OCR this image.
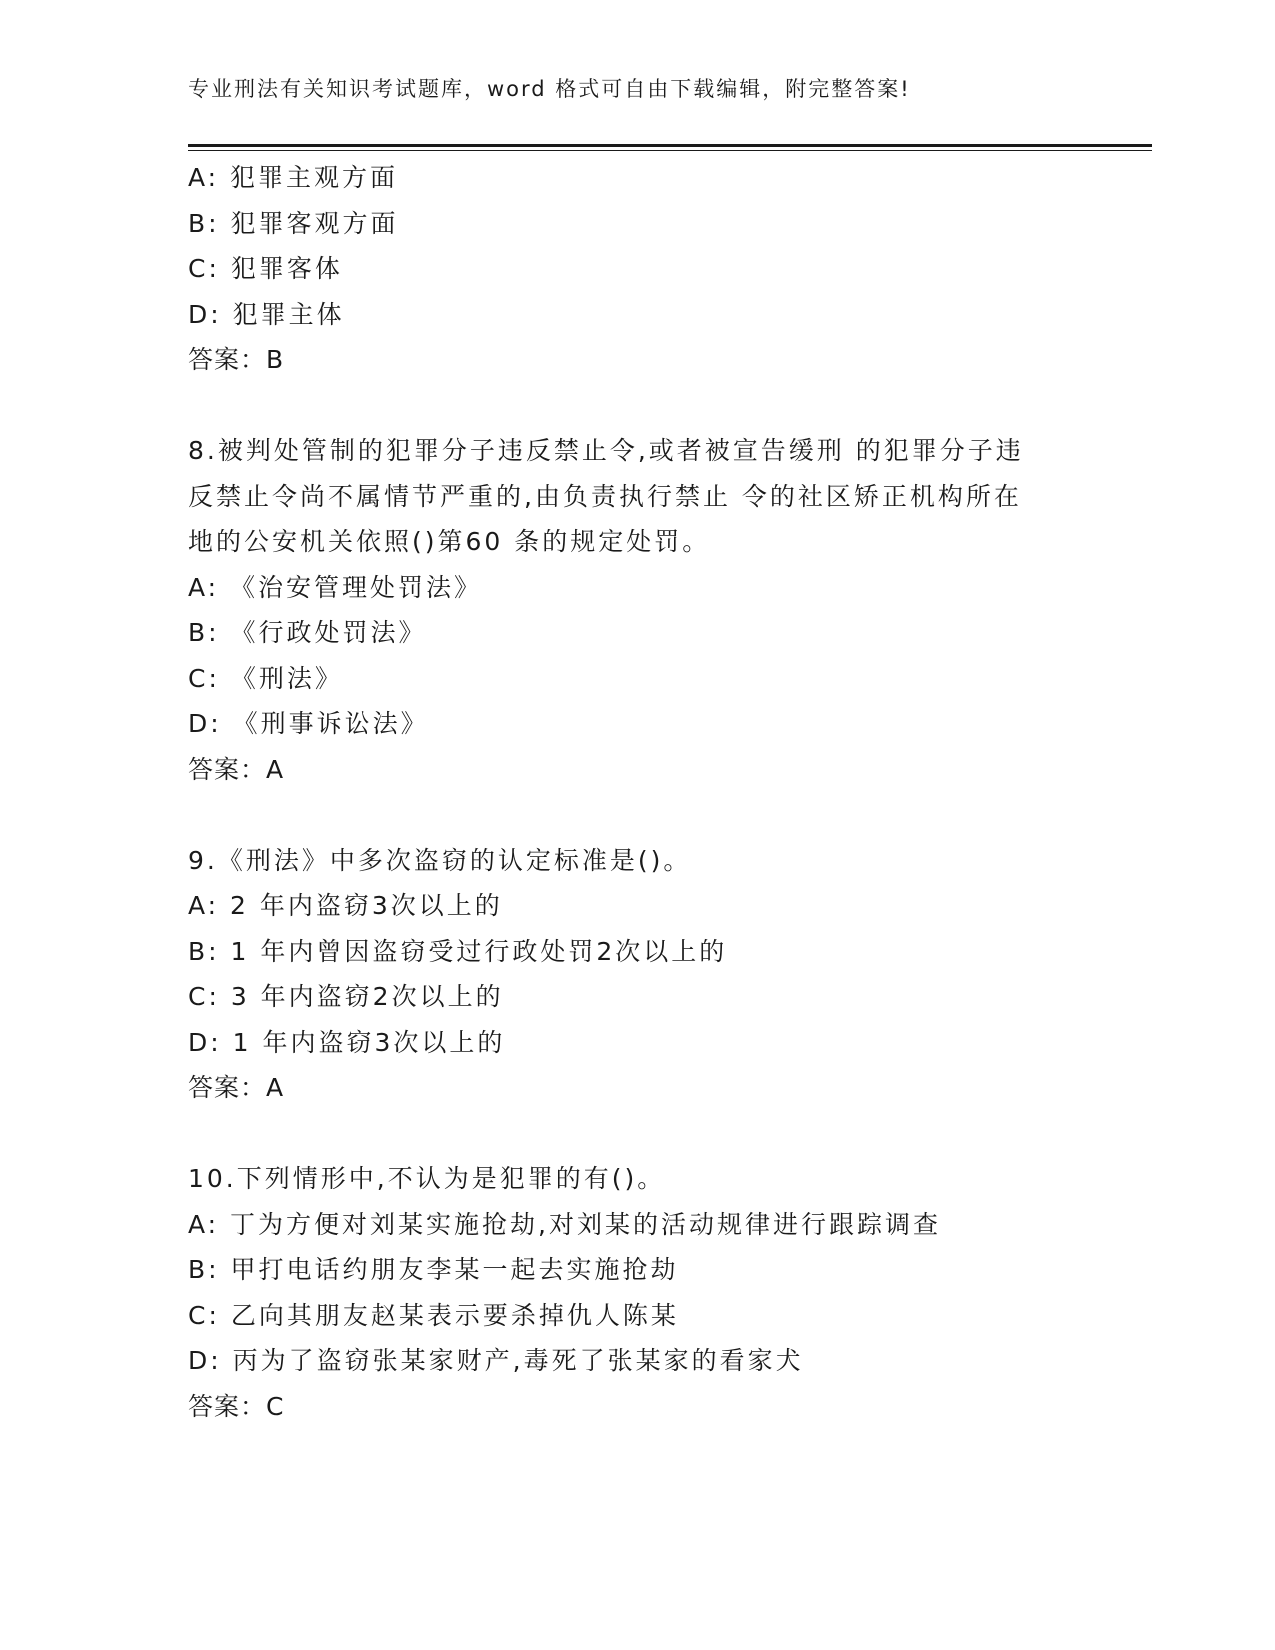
专业刑法有关知识考试题库，word 格式可自由下载编辑，附完整答案!
A: 犯罪主观方面
B: 犯罪客观方面
C: 犯罪客体
D: 犯罪主体
答案：B
8.被判处管制的犯罪分子违反禁止令,或者被宣告缓刑 的犯罪分子违
反禁止令尚不属情节严重的,由负责执行禁止 令的社区矫正机构所在
地的公安机关依照()第60 条的规定处罚。
A: 《治安管理处罚法》
B: 《行政处罚法》
C: 《刑法》
D: 《刑事诉讼法》
答案：A
9.《刑法》中多次盗窃的认定标准是()。
A: 2 年内盗窃3次以上的
B: 1 年内曾因盗窃受过行政处罚2次以上的
C: 3 年内盗窃2次以上的
D: 1 年内盗窃3次以上的
答案：A
10.下列情形中,不认为是犯罪的有()。
A: 丁为方便对刘某实施抢劫,对刘某的活动规律进行跟踪调查
B: 甲打电话约朋友李某一起去实施抢劫
C: 乙向其朋友赵某表示要杀掉仇人陈某
D: 丙为了盗窃张某家财产,毒死了张某家的看家犬
答案：C
